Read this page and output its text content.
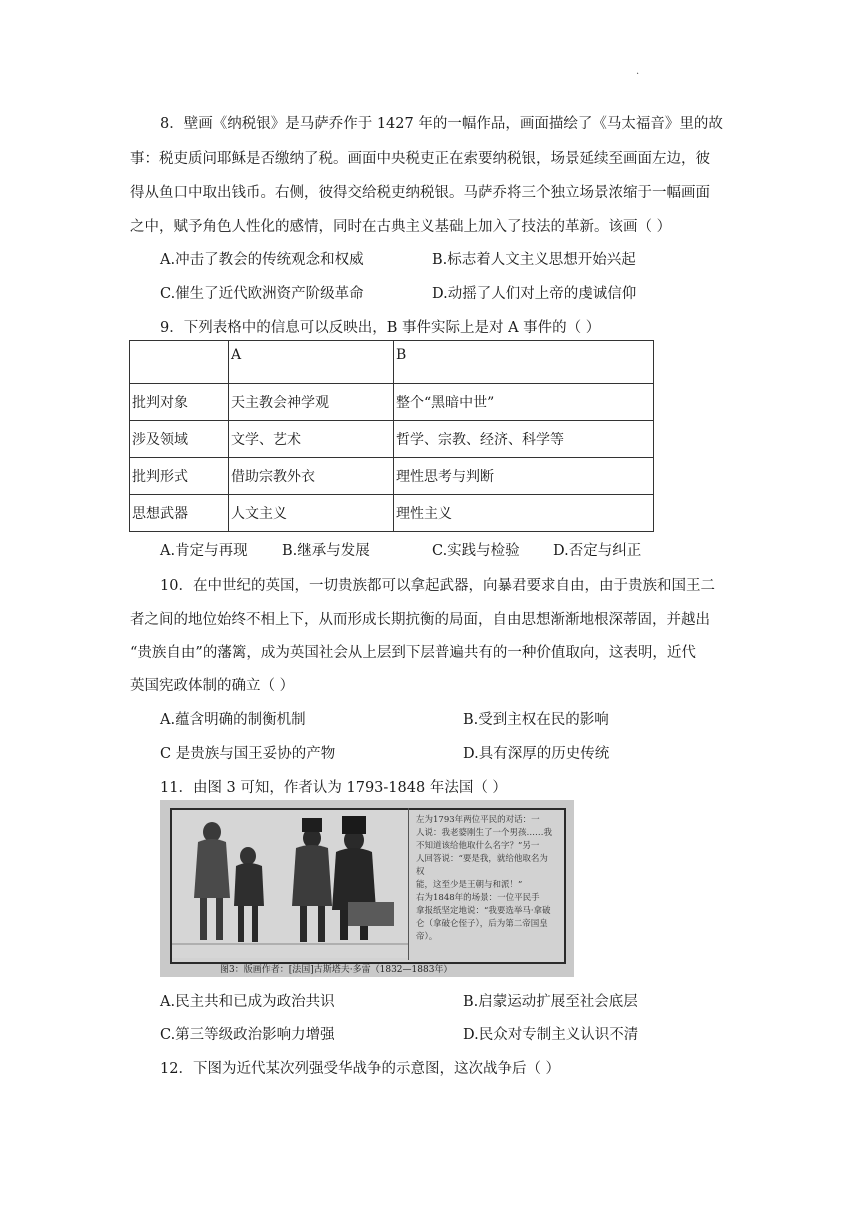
.
8．壁画《纳税银》是马萨乔作于 1427 年的一幅作品，画面描绘了《马太福音》里的故
事：税吏质问耶稣是否缴纳了税。画面中央税吏正在索要纳税银，场景延续至画面左边，彼
得从鱼口中取出钱币。右侧，彼得交给税吏纳税银。马萨乔将三个独立场景浓缩于一幅画面
之中，赋予角色人性化的感情，同时在古典主义基础上加入了技法的革新。该画（ ）
A.冲击了教会的传统观念和权威	B.标志着人文主义思想开始兴起
C.催生了近代欧洲资产阶级革命	D.动摇了人们对上帝的虔诚信仰
9．下列表格中的信息可以反映出，B 事件实际上是对 A 事件的（ ）
	A	B
批判对象	天主教会神学观	整个“黑暗中世”
涉及领域	文学、艺术	哲学、宗教、经济、科学等
批判形式	借助宗教外衣	理性思考与判断
思想武器	人文主义	理性主义
A.肯定与再现 B.继承与发展	C.实践与检验 D.否定与纠正
10．在中世纪的英国，一切贵族都可以拿起武器，向暴君要求自由，由于贵族和国王二
者之间的地位始终不相上下，从而形成长期抗衡的局面，自由思想渐渐地根深蒂固，并越出
“贵族自由”的藩篱，成为英国社会从上层到下层普遍共有的一种价值取向，这表明，近代
英国宪政体制的确立（ ）
A.蕴含明确的制衡机制	B.受到主权在民的影响
C 是贵族与国王妥协的产物	D.具有深厚的历史传统
11．由图 3 可知，作者认为 1793-1848 年法国（ ）
左为1793年两位平民的对话：一
人说：我老婆刚生了一个男孩……我
不知道该给他取什么名字？”另一
人回答说：“要是我，就给他取名为权
能，这至少是王朝与和派！”
右为1848年的场景：一位平民手
拿报纸坚定地说：“我要选举马·拿破
仑（拿破仑侄子），后为第二帝国皇
帝）。
图3：版画作者：[法国]古斯塔夫·多雷（1832—1883年）
A.民主共和已成为政治共识	B.启蒙运动扩展至社会底层
C.第三等级政治影响力增强	D.民众对专制主义认识不清
12．下图为近代某次列强受华战争的示意图，这次战争后（ ）
